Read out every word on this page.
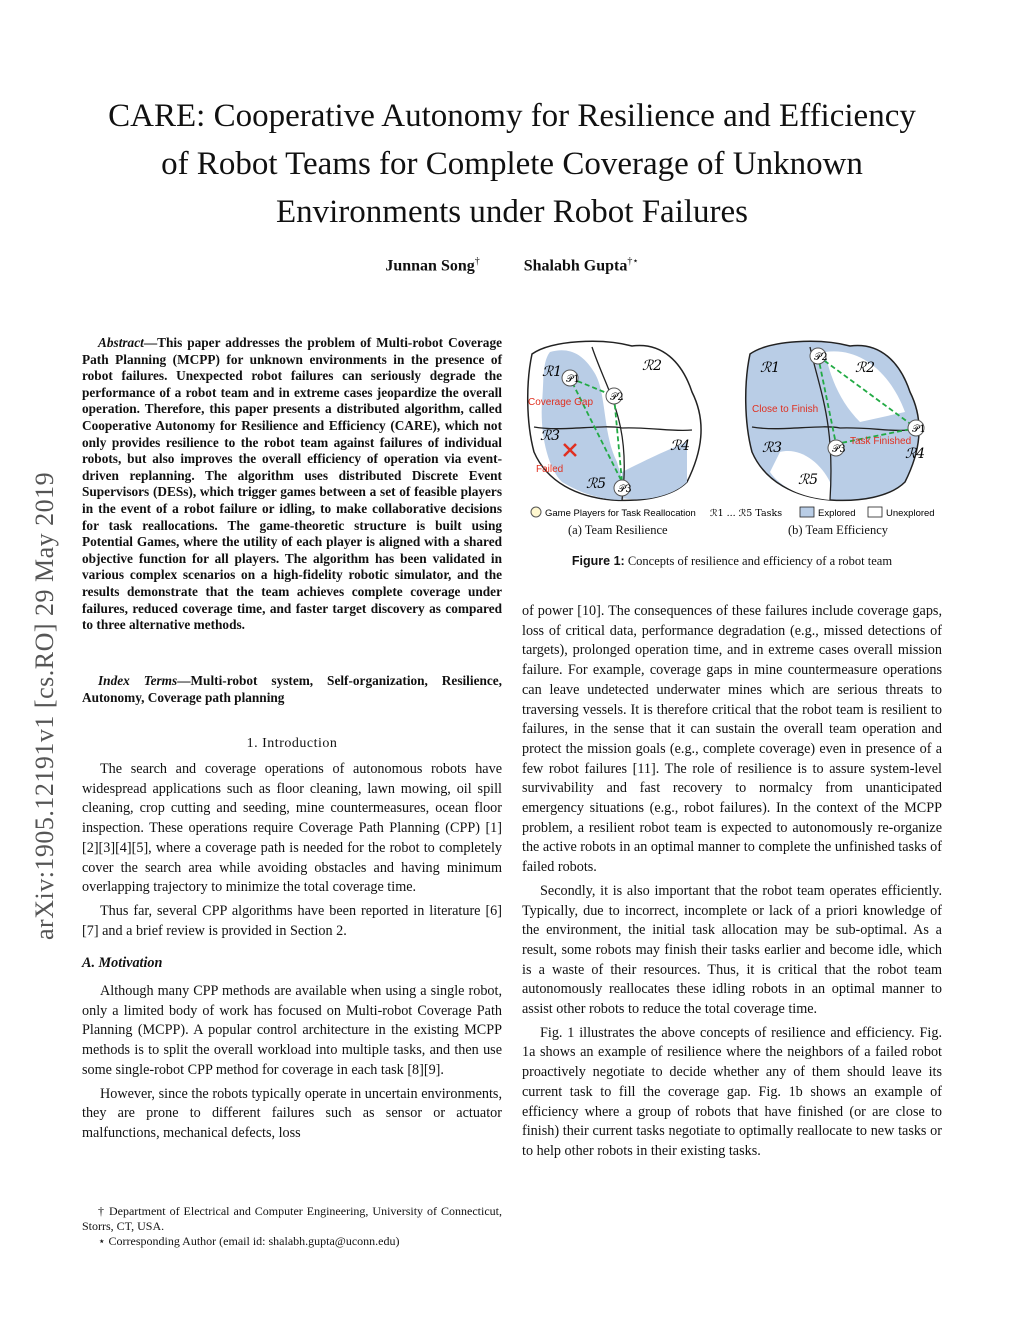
CARE: Cooperative Autonomy for Resilience and Efficiency
of Robot Teams for Complete Coverage of Unknown
Environments under Robot Failures
Junnan Song†	Shalabh Gupta†⋆
arXiv:1905.12191v1 [cs.RO] 29 May 2019

Abstract—This paper addresses the problem of Multi-robot Coverage Path Planning (MCPP) for unknown environments in the presence of robot failures. Unexpected robot failures can seriously degrade the performance of a robot team and in extreme cases jeopardize the overall operation. Therefore, this paper presents a distributed algorithm, called Cooperative Autonomy for Resilience and Efficiency (CARE), which not only provides resilience to the robot team against failures of individual robots, but also improves the overall efficiency of operation via event-driven replanning. The algorithm uses distributed Discrete Event Supervisors (DESs), which trigger games between a set of feasible players in the event of a robot failure or idling, to make collaborative decisions for task reallocations. The game-theoretic structure is built using Potential Games, where the utility of each player is aligned with a shared objective function for all players. The algorithm has been validated in various complex scenarios on a high-fidelity robotic simulator, and the results demonstrate that the team achieves complete coverage under failures, reduced coverage time, and faster target discovery as compared to three alternative methods.

Index Terms—Multi-robot system, Self-organization, Resilience, Autonomy, Coverage path planning

1. Introduction

The search and coverage operations of autonomous robots have widespread applications such as floor cleaning, lawn mowing, oil spill cleaning, crop cutting and seeding, mine countermeasures, ocean floor inspection. These operations require Coverage Path Planning (CPP) [1][2][3][4][5], where a coverage path is needed for the robot to completely cover the search area while avoiding obstacles and having minimum overlapping trajectory to minimize the total coverage time.

Thus far, several CPP algorithms have been reported in literature [6][7] and a brief review is provided in Section 2.

A. Motivation

Although many CPP methods are available when using a single robot, only a limited body of work has focused on Multi-robot Coverage Path Planning (MCPP). A popular control architecture in the existing MCPP methods is to split the overall workload into multiple tasks, and then use some single-robot CPP method for coverage in each task [8][9].

However, since the robots typically operate in uncertain environments, they are prone to different failures such as sensor or actuator malfunctions, mechanical defects, loss

† Department of Electrical and Computer Engineering, University of Connecticut, Storrs, CT, USA.

⋆ Corresponding Author (email id: shalabh.gupta@uconn.edu)

𝒫1
𝒫2
𝒫3
ℛ1	ℛ2
ℛ3
ℛ4
ℛ5
Coverage Gap
Failed
𝒫2
𝒫1
𝒫3
ℛ1	ℛ2
ℛ3	ℛ4
ℛ5
Close to Finish
Task Finished
Game Players for Task Reallocation ℛ1 ... ℛ5 Tasks	Explored	Unexplored
(a) Team Resilience	(b) Team Efficiency
Figure 1: Concepts of resilience and efficiency of a robot team

of power [10]. The consequences of these failures include coverage gaps, loss of critical data, performance degradation (e.g., missed detections of targets), prolonged operation time, and in extreme cases overall mission failure. For example, coverage gaps in mine countermeasure operations can leave undetected underwater mines which are serious threats to traversing vessels. It is therefore critical that the robot team is resilient to failures, in the sense that it can sustain the overall team operation and protect the mission goals (e.g., complete coverage) even in presence of a few robot failures [11]. The role of resilience is to assure system-level survivability and fast recovery to normalcy from unanticipated emergency situations (e.g., robot failures). In the context of the MCPP problem, a resilient robot team is expected to autonomously re-organize the active robots in an optimal manner to complete the unfinished tasks of failed robots.

Secondly, it is also important that the robot team operates efficiently. Typically, due to incorrect, incomplete or lack of a priori knowledge of the environment, the initial task allocation may be sub-optimal. As a result, some robots may finish their tasks earlier and become idle, which is a waste of their resources. Thus, it is critical that the robot team autonomously reallocates these idling robots in an optimal manner to assist other robots to reduce the total coverage time.

Fig. 1 illustrates the above concepts of resilience and efficiency. Fig. 1a shows an example of resilience where the neighbors of a failed robot proactively negotiate to decide whether any of them should leave its current task to fill the coverage gap. Fig. 1b shows an example of efficiency where a group of robots that have finished (or are close to finish) their current tasks negotiate to optimally reallocate to new tasks or to help other robots in their existing tasks.
